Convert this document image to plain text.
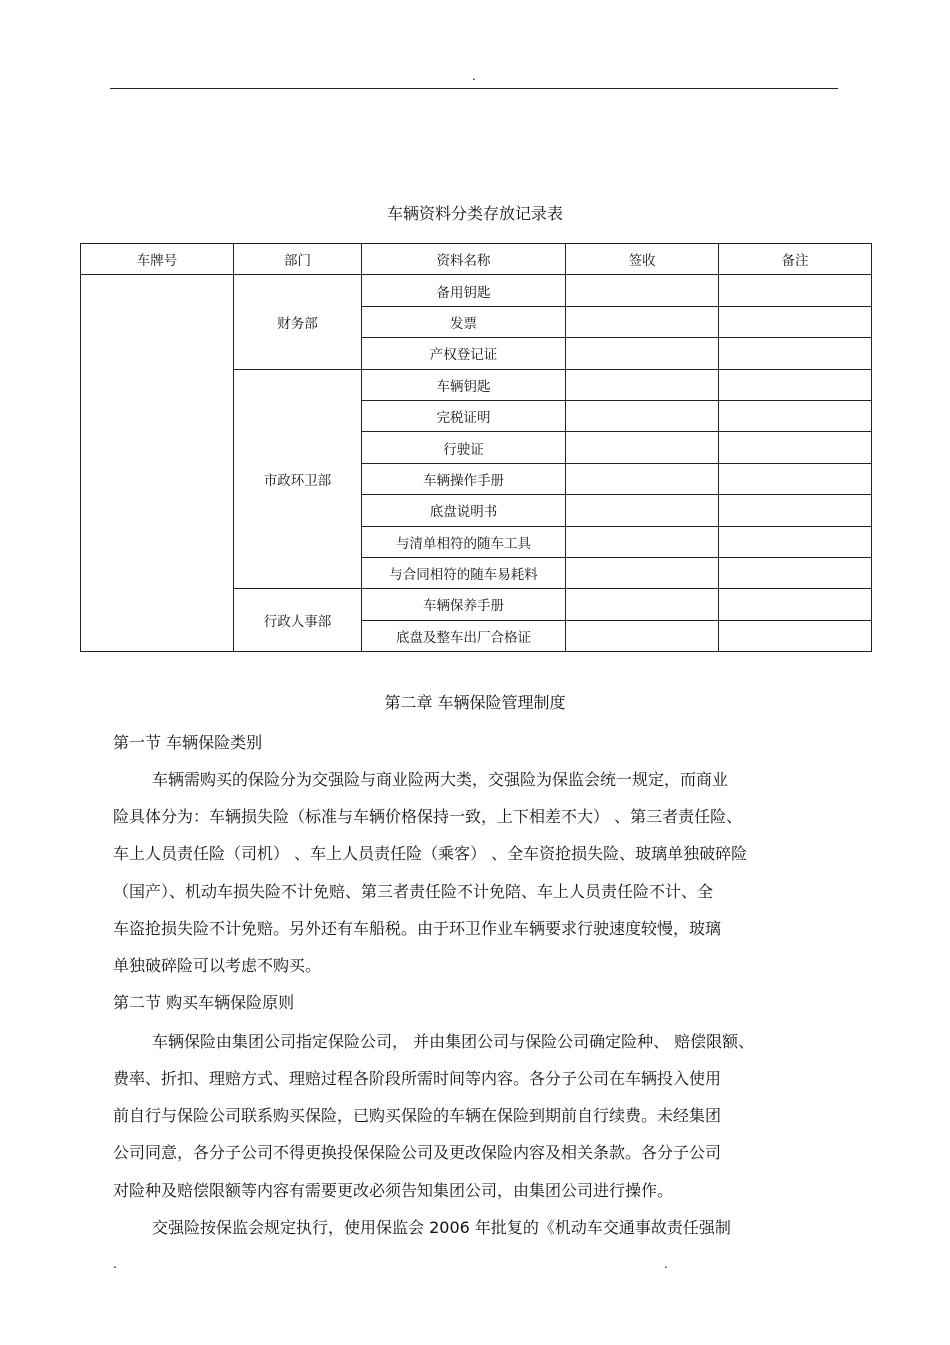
.
车辆资料分类存放记录表
车牌号	部门	资料名称	签收	备注
	财务部	备用钥匙		
		发票		
		产权登记证		
	市政环卫部	车辆钥匙		
		完税证明		
		行驶证		
		车辆操作手册		
		底盘说明书		
		与清单相符的随车工具		
		与合同相符的随车易耗料		
	行政人事部	车辆保养手册		
		底盘及整车出厂合格证		
第二章 车辆保险管理制度
第一节 车辆保险类别
车辆需购买的保险分为交强险与商业险两大类，交强险为保监会统一规定，而商业
险具体分为：车辆损失险（标准与车辆价格保持一致，上下相差不大） 、第三者责任险、
车上人员责任险（司机） 、车上人员责任险（乘客） 、全车资抢损失险、玻璃单独破碎险
（国产）、机动车损失险不计免赔、第三者责任险不计免陪、车上人员责任险不计、全
车盗抢损失险不计免赔。另外还有车船税。由于环卫作业车辆要求行驶速度较慢，玻璃
单独破碎险可以考虑不购买。
第二节 购买车辆保险原则
车辆保险由集团公司指定保险公司， 并由集团公司与保险公司确定险种、 赔偿限额、
费率、折扣、理赔方式、理赔过程各阶段所需时间等内容。各分子公司在车辆投入使用
前自行与保险公司联系购买保险，已购买保险的车辆在保险到期前自行续费。未经集团
公司同意，各分子公司不得更换投保保险公司及更改保险内容及相关条款。各分子公司
对险种及赔偿限额等内容有需要更改必须告知集团公司，由集团公司进行操作。
交强险按保监会规定执行，使用保监会 2006 年批复的《机动车交通事故责任强制
.	.
